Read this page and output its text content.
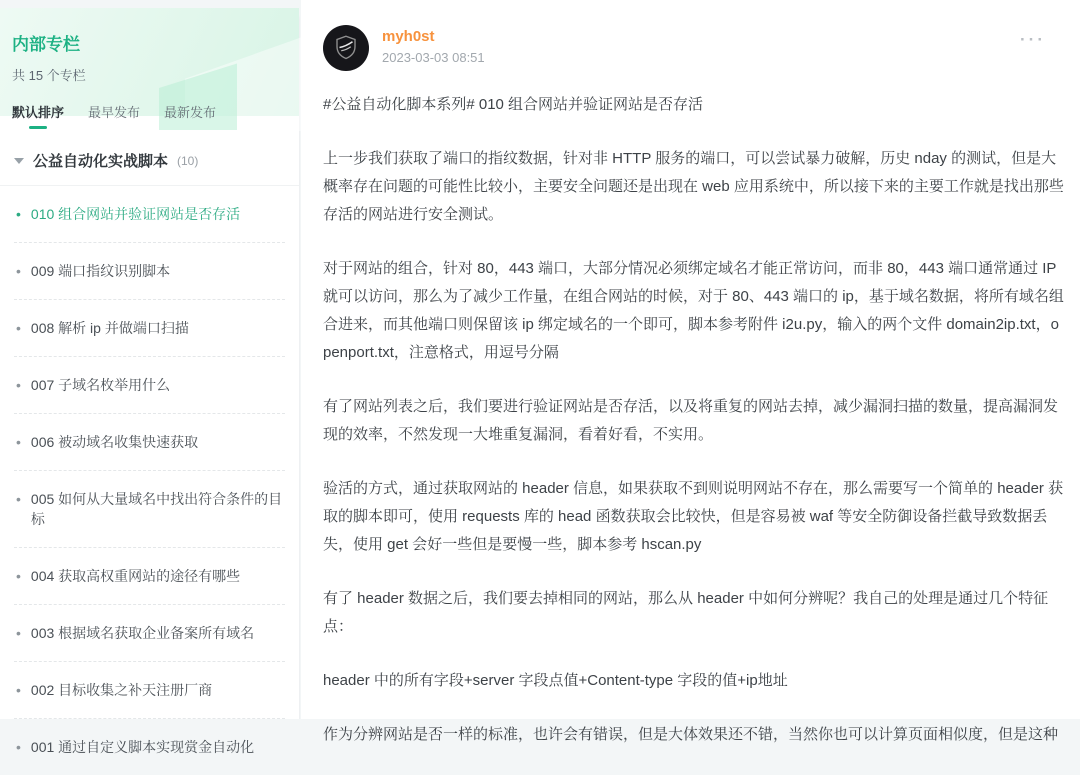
内部专栏
共 15 个专栏
默认排序 最早发布 最新发布
公益自动化实战脚本 (10)
• 010 组合网站并验证网站是否存活
• 009 端口指纹识别脚本
• 008 解析 ip 并做端口扫描
• 007 子域名枚举用什么
• 006 被动域名收集快速获取
• 005 如何从大量域名中找出符合条件的目标
• 004 获取高权重网站的途径有哪些
• 003 根据域名获取企业备案所有域名
• 002 目标收集之补天注册厂商
• 001 通过自定义脚本实现赏金自动化
myh0st
2023-03-03 08:51
···

#公益自动化脚本系列# 010 组合网站并验证网站是否存活

上一步我们获取了端口的指纹数据，针对非 HTTP 服务的端口，可以尝试暴力破解，历史 nday 的测试，但是大概率存在问题的可能性比较小，主要安全问题还是出现在 web 应用系统中，所以接下来的主要工作就是找出那些存活的网站进行安全测试。

对于网站的组合，针对 80，443 端口，大部分情况必须绑定域名才能正常访问，而非 80，443 端口通常通过 IP 就可以访问，那么为了减少工作量，在组合网站的时候，对于 80、443 端口的 ip，基于域名数据，将所有域名组合进来，而其他端口则保留该 ip 绑定域名的一个即可，脚本参考附件 i2u.py，输入的两个文件 domain2ip.txt，openport.txt，注意格式，用逗号分隔

有了网站列表之后，我们要进行验证网站是否存活，以及将重复的网站去掉，减少漏洞扫描的数量，提高漏洞发现的效率，不然发现一大堆重复漏洞，看着好看，不实用。

验活的方式，通过获取网站的 header 信息，如果获取不到则说明网站不存在，那么需要写一个简单的 header 获取的脚本即可，使用 requests 库的 head 函数获取会比较快，但是容易被 waf 等安全防御设备拦截导致数据丢失，使用 get 会好一些但是要慢一些，脚本参考 hscan.py

有了 header 数据之后，我们要去掉相同的网站，那么从 header 中如何分辨呢？我自己的处理是通过几个特征点：

header 中的所有字段+server 字段点值+Content-type 字段的值+ip地址

作为分辨网站是否一样的标准，也许会有错误，但是大体效果还不错，当然你也可以计算页面相似度，但是这种
